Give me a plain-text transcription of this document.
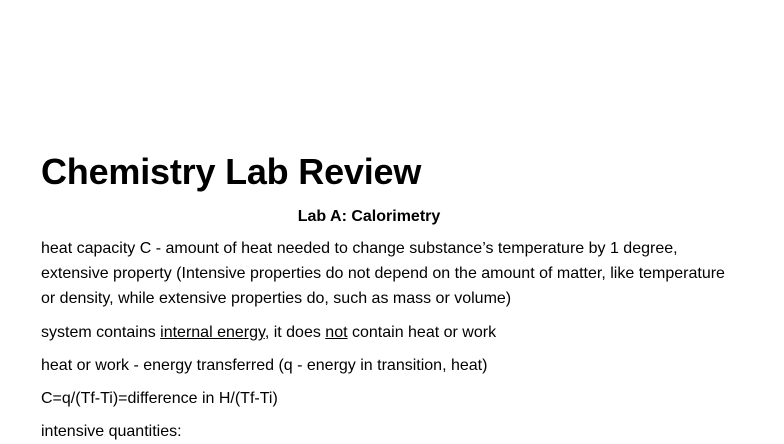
Chemistry Lab Review
Lab A: Calorimetry

heat capacity C - amount of heat needed to change substance’s temperature by 1 degree, extensive property (Intensive properties do not depend on the amount of matter, like temperature or density, while extensive properties do, such as mass or volume)

system contains internal energy, it does not contain heat or work

heat or work - energy transferred (q - energy in transition, heat)

C=q/(Tf-Ti)=difference in H/(Tf-Ti)

intensive quantities:
